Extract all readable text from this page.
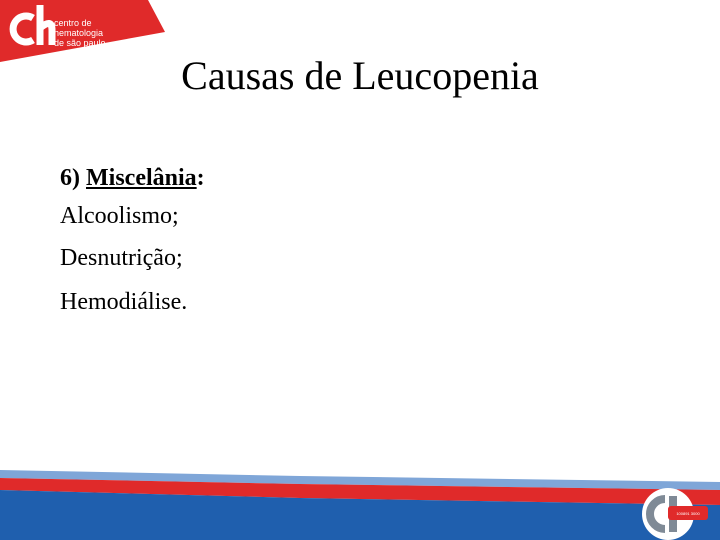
centro de
hematologia
de são paulo
Causas de Leucopenia
6) Miscelânia:
Alcoolismo;
Desnutrição;
Hemodiálise.
100891 3000
